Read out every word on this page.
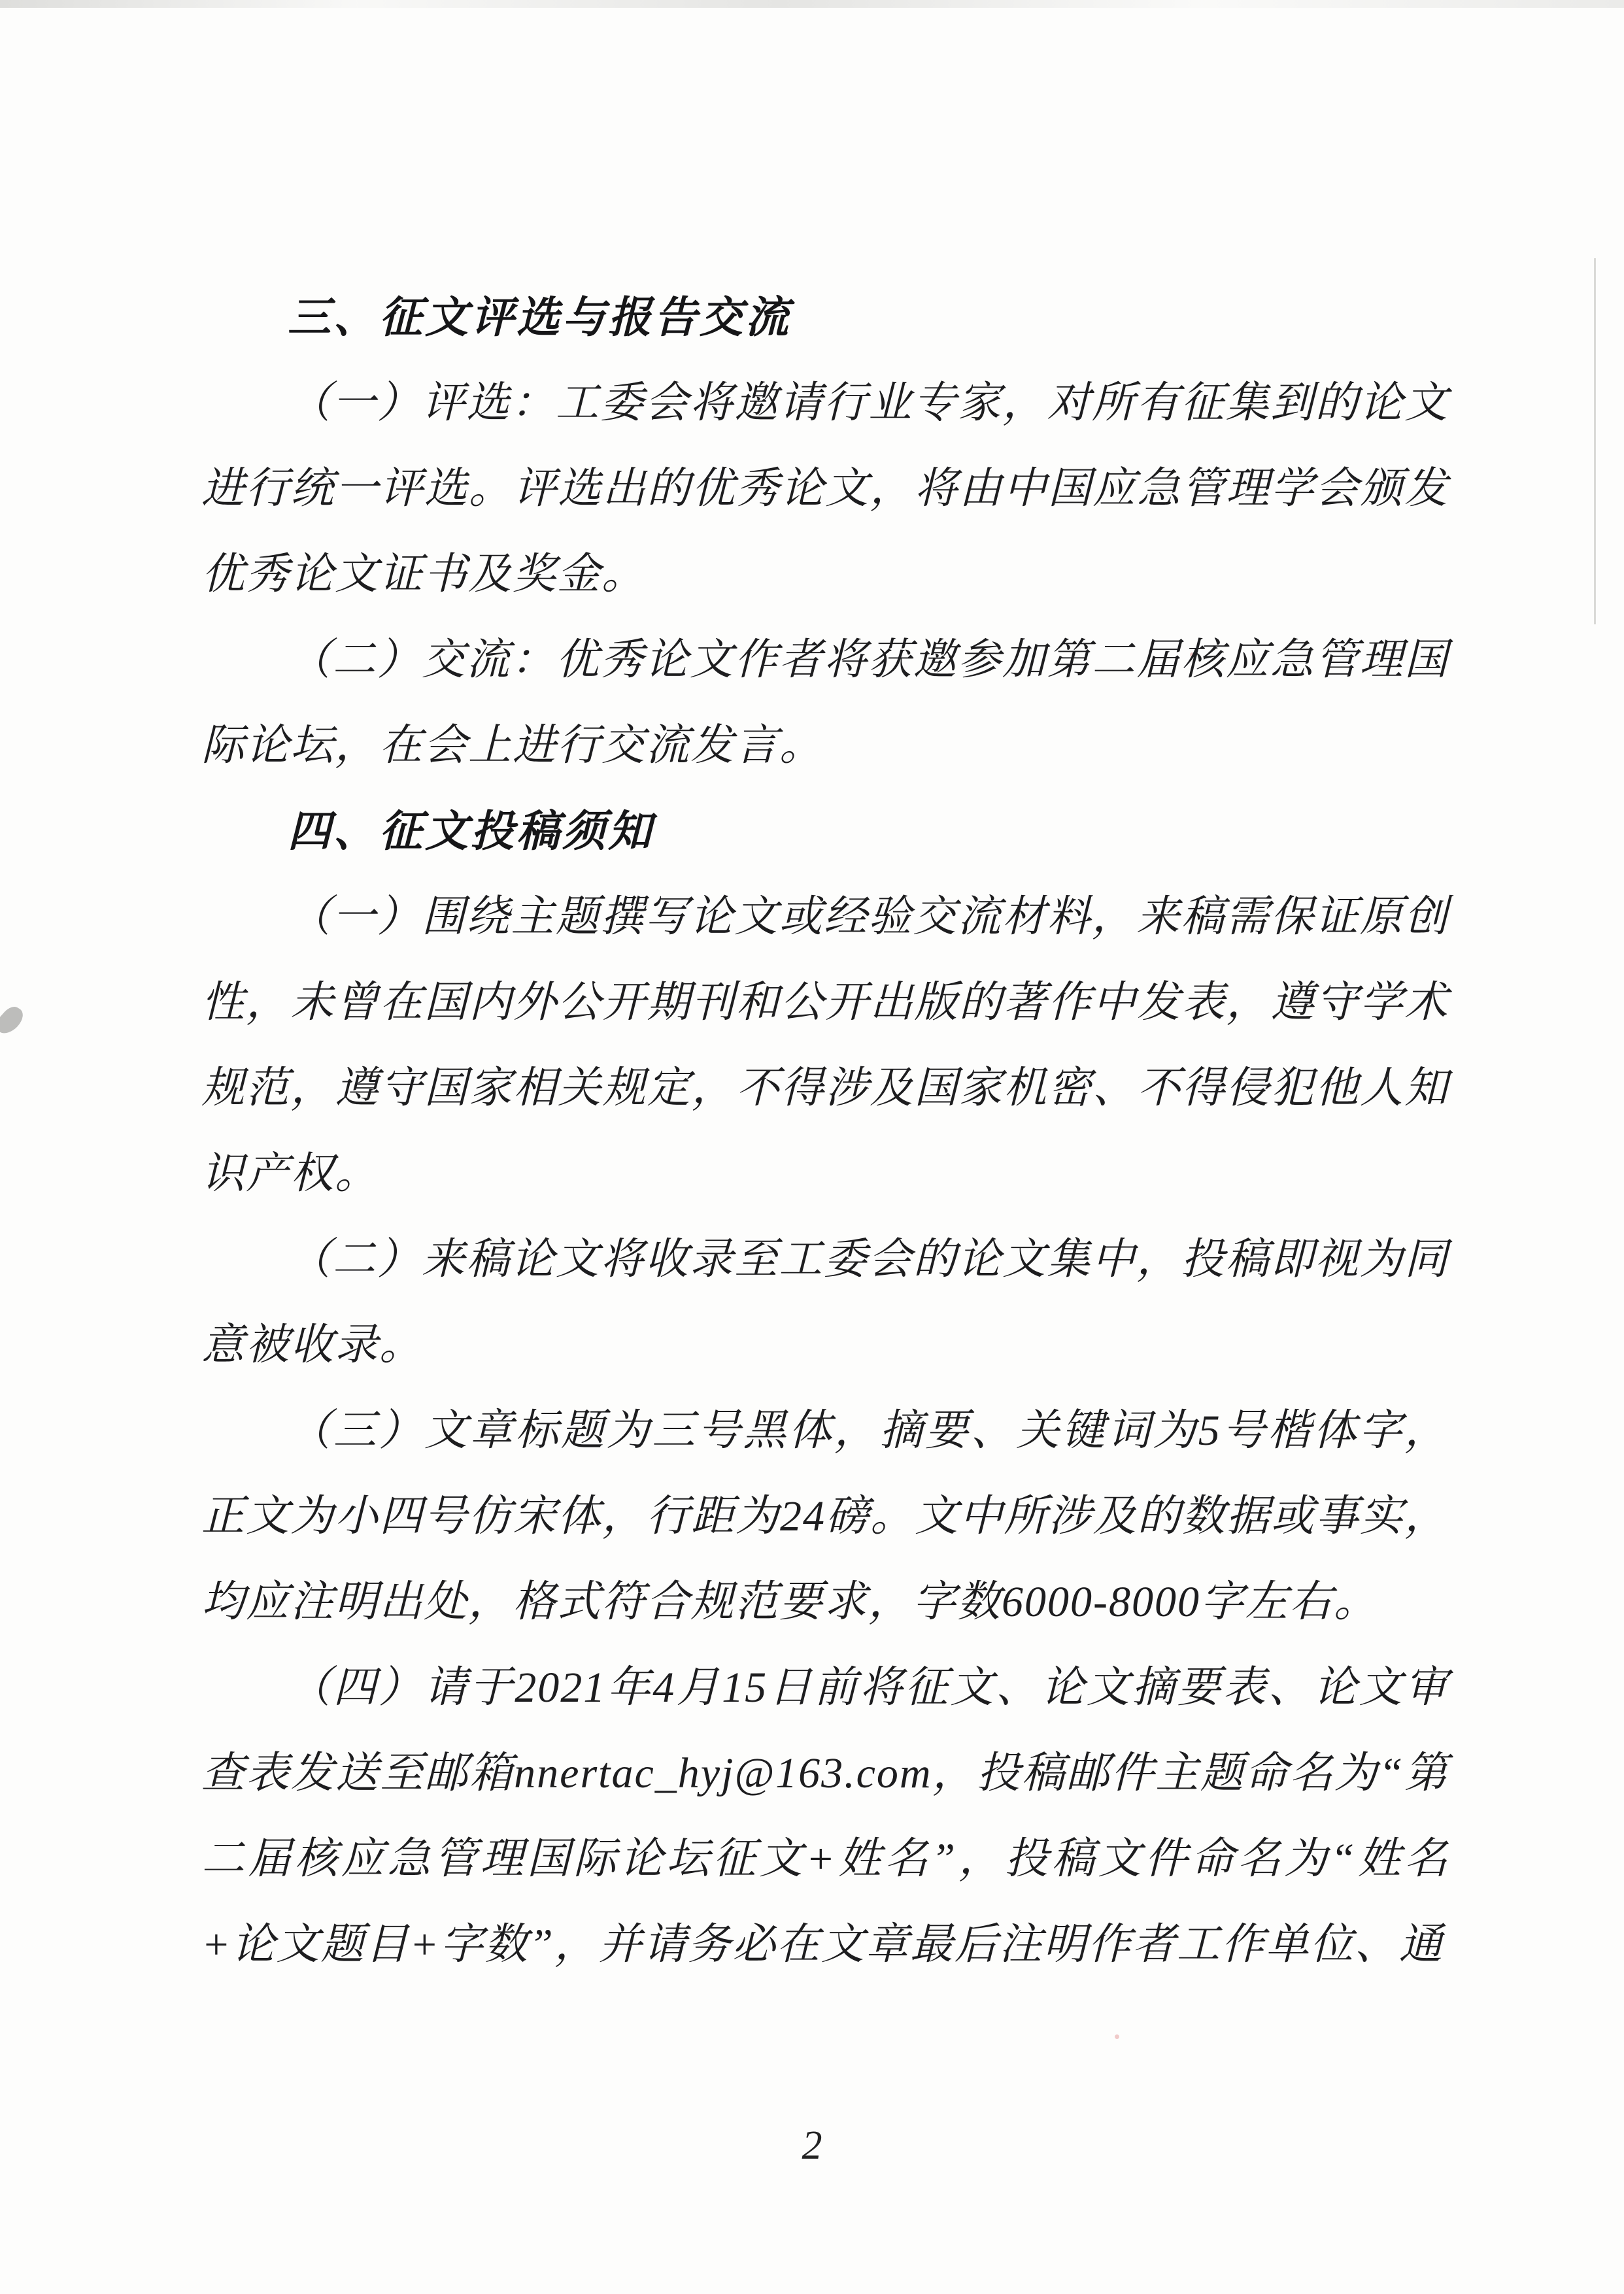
三、征文评选与报告交流

（一）评选：工委会将邀请行业专家，对所有征集到的论文进行统一评选。评选出的优秀论文，将由中国应急管理学会颁发优秀论文证书及奖金。

（二）交流：优秀论文作者将获邀参加第二届核应急管理国际论坛，在会上进行交流发言。

四、征文投稿须知

（一）围绕主题撰写论文或经验交流材料，来稿需保证原创性，未曾在国内外公开期刊和公开出版的著作中发表，遵守学术规范，遵守国家相关规定，不得涉及国家机密、不得侵犯他人知识产权。

（二）来稿论文将收录至工委会的论文集中，投稿即视为同意被收录。

（三）文章标题为三号黑体，摘要、关键词为5号楷体字，正文为小四号仿宋体，行距为24磅。文中所涉及的数据或事实，均应注明出处，格式符合规范要求，字数6000-8000字左右。

（四）请于2021年4月15日前将征文、论文摘要表、论文审查表发送至邮箱nnertac_hyj@163.com，投稿邮件主题命名为“第二届核应急管理国际论坛征文+姓名”，投稿文件命名为“姓名+论文题目+字数”，并请务必在文章最后注明作者工作单位、通

2
